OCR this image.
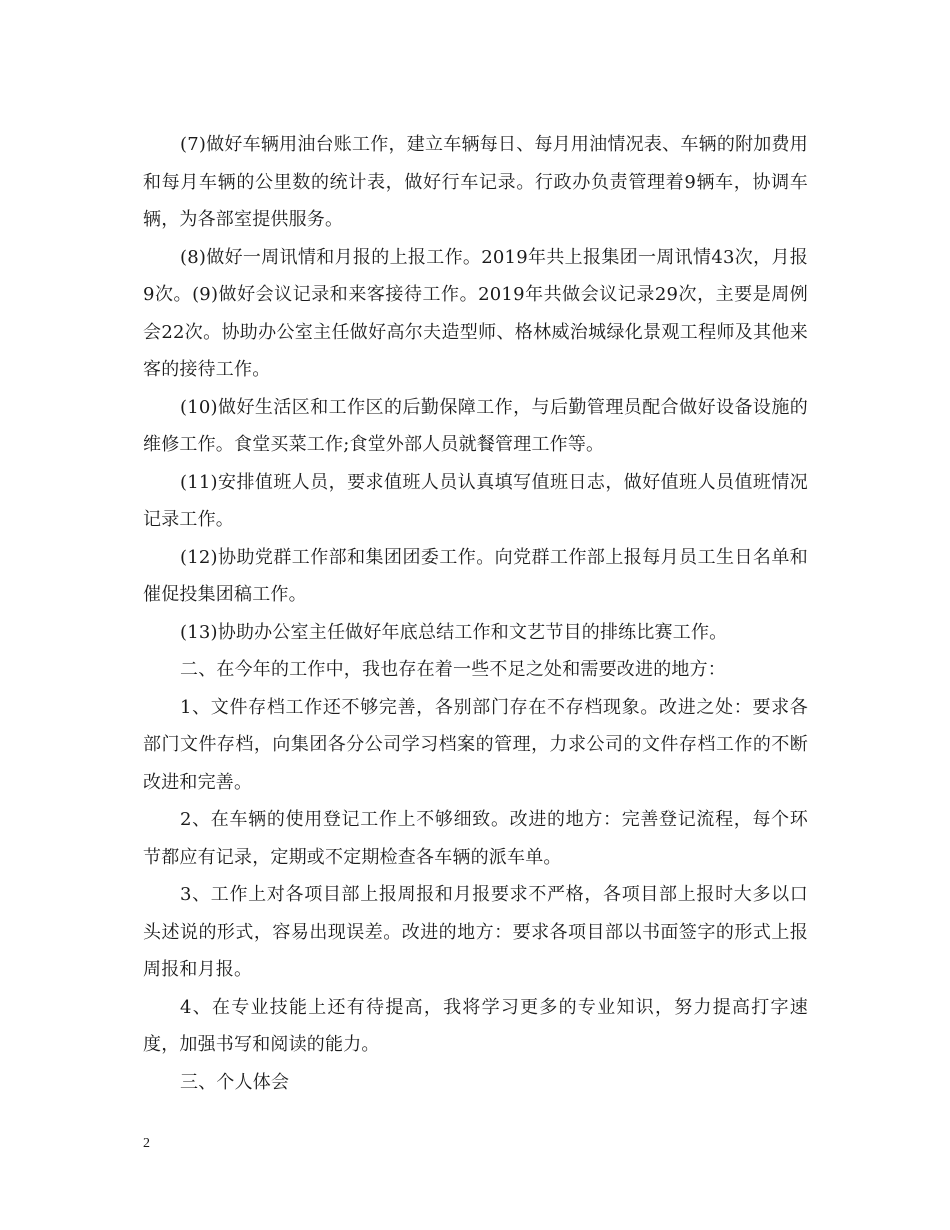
(7)做好车辆用油台账工作，建立车辆每日、每月用油情况表、车辆的附加费用和每月车辆的公里数的统计表，做好行车记录。行政办负责管理着9辆车，协调车辆，为各部室提供服务。

(8)做好一周讯情和月报的上报工作。2019年共上报集团一周讯情43次，月报9次。(9)做好会议记录和来客接待工作。2019年共做会议记录29次，主要是周例会22次。协助办公室主任做好高尔夫造型师、格林威治城绿化景观工程师及其他来客的接待工作。

(10)做好生活区和工作区的后勤保障工作，与后勤管理员配合做好设备设施的维修工作。食堂买菜工作;食堂外部人员就餐管理工作等。

(11)安排值班人员，要求值班人员认真填写值班日志，做好值班人员值班情况记录工作。

(12)协助党群工作部和集团团委工作。向党群工作部上报每月员工生日名单和催促投集团稿工作。

(13)协助办公室主任做好年底总结工作和文艺节目的排练比赛工作。

二、在今年的工作中，我也存在着一些不足之处和需要改进的地方：

1、文件存档工作还不够完善，各别部门存在不存档现象。改进之处：要求各部门文件存档，向集团各分公司学习档案的管理，力求公司的文件存档工作的不断改进和完善。

2、在车辆的使用登记工作上不够细致。改进的地方：完善登记流程，每个环节都应有记录，定期或不定期检查各车辆的派车单。

3、工作上对各项目部上报周报和月报要求不严格，各项目部上报时大多以口头述说的形式，容易出现误差。改进的地方：要求各项目部以书面签字的形式上报周报和月报。

4、在专业技能上还有待提高，我将学习更多的专业知识，努力提高打字速度，加强书写和阅读的能力。

三、个人体会

2
